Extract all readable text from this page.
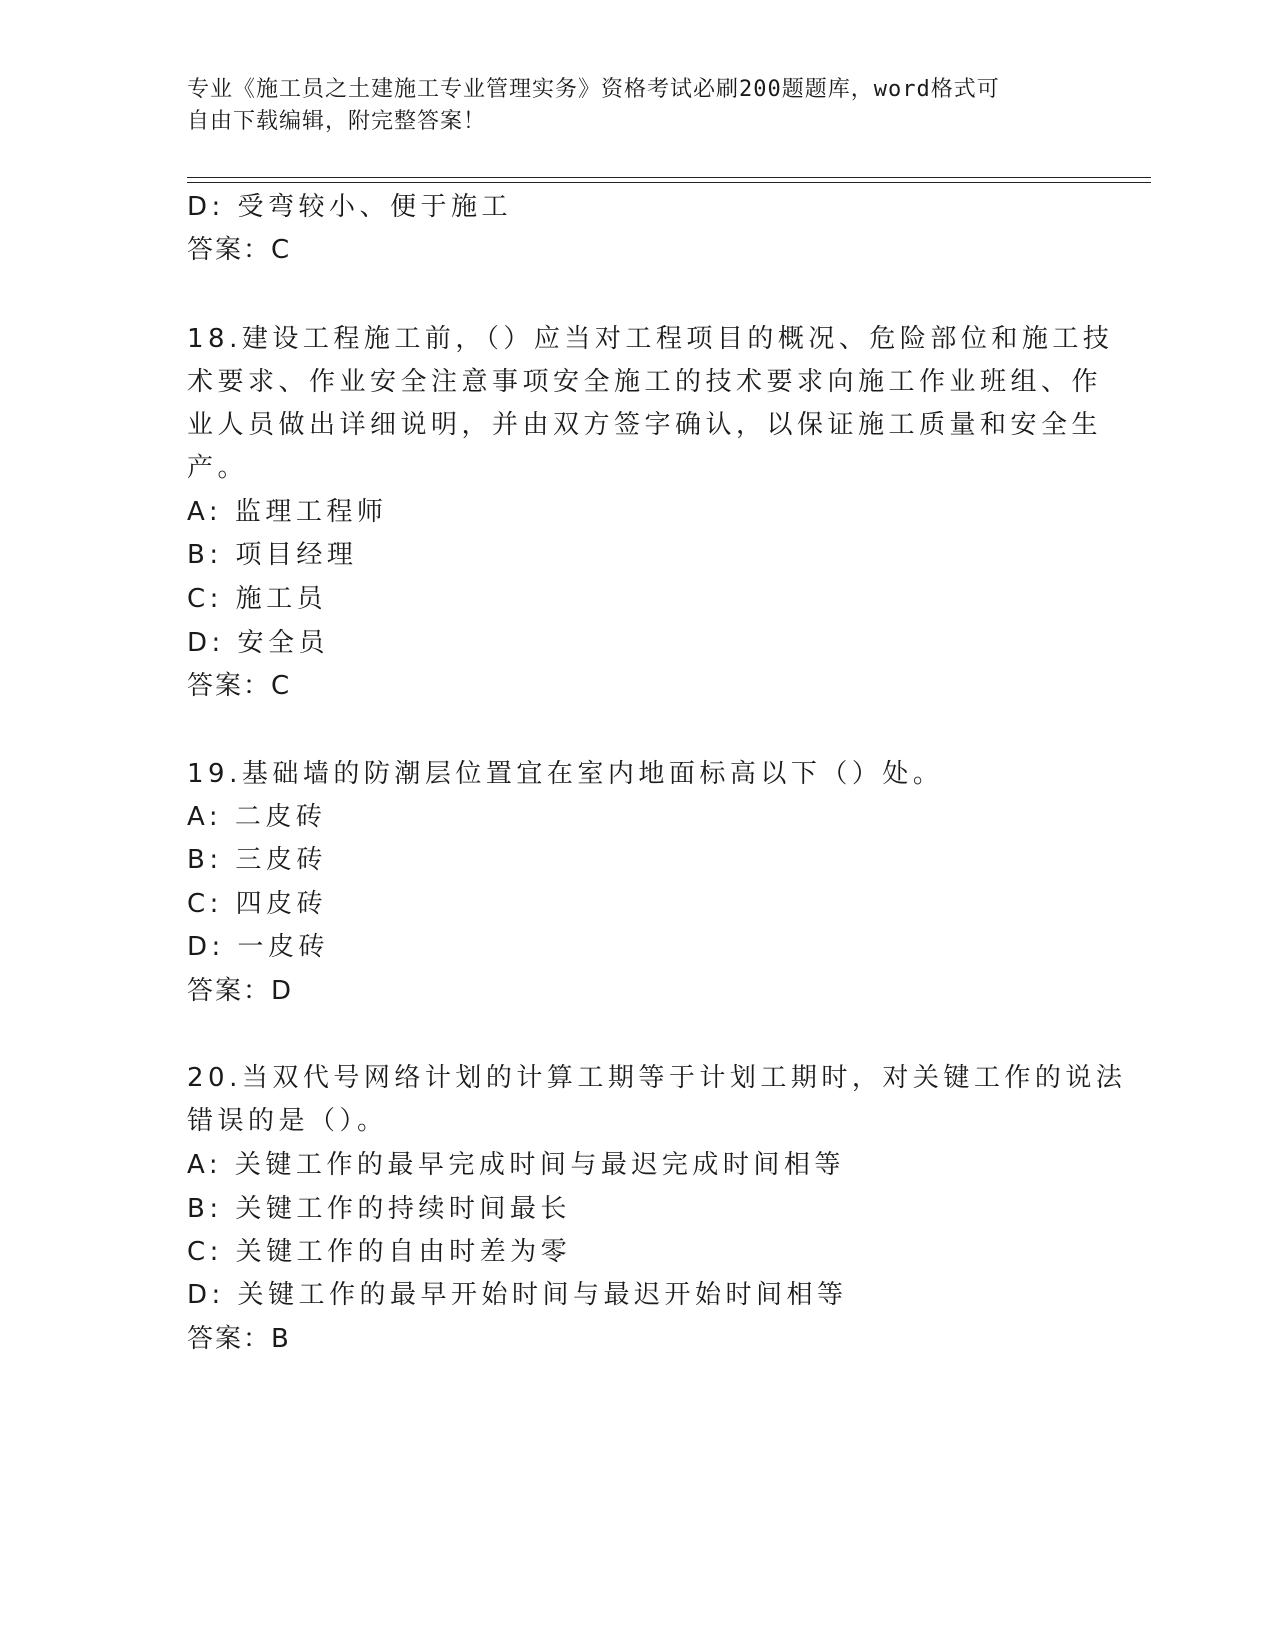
专业《施工员之土建施工专业管理实务》资格考试必刷200题题库，word格式可
自由下载编辑，附完整答案！
D: 受弯较小、便于施工
答案：C
18.建设工程施工前，（）应当对工程项目的概况、危险部位和施工技
术要求、作业安全注意事项安全施工的技术要求向施工作业班组、作
业人员做出详细说明，并由双方签字确认，以保证施工质量和安全生
产。
A: 监理工程师
B: 项目经理
C: 施工员
D: 安全员
答案：C
19.基础墙的防潮层位置宜在室内地面标高以下（）处。
A: 二皮砖
B: 三皮砖
C: 四皮砖
D: 一皮砖
答案：D
20.当双代号网络计划的计算工期等于计划工期时，对关键工作的说法
错误的是（）。
A: 关键工作的最早完成时间与最迟完成时间相等
B: 关键工作的持续时间最长
C: 关键工作的自由时差为零
D: 关键工作的最早开始时间与最迟开始时间相等
答案：B
